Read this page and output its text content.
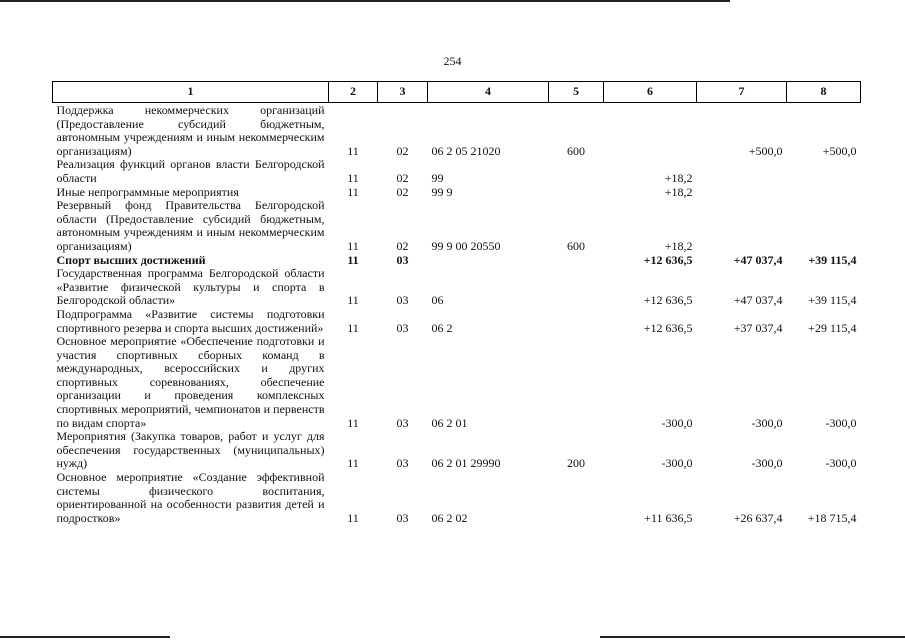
254
1	2	3	4	5	6	7	8
Поддержка некоммерческих организаций (Предоставление субсидий бюджетным, автономным учреждениям и иным некоммерческим организациям)	11	02	06 2 05 21020	600		+500,0	+500,0
Реализация функций органов власти Белгородской области	11	02	99		+18,2		
Иные непрограммные мероприятия	11	02	99 9		+18,2		
Резервный фонд Правительства Белгородской области (Предоставление субсидий бюджетным, автономным учреждениям и иным некоммерческим организациям)	11	02	99 9 00 20550	600	+18,2		
Спорт высших достижений	11	03			+12 636,5	+47 037,4	+39 115,4
Государственная программа Белгородской области «Развитие физической культуры и спорта в Белгородской области»	11	03	06		+12 636,5	+47 037,4	+39 115,4
Подпрограмма «Развитие системы подготовки спортивного резерва и спорта высших достижений»	11	03	06 2		+12 636,5	+37 037,4	+29 115,4
Основное мероприятие «Обеспечение подготовки и участия спортивных сборных команд в международных, всероссийских и других спортивных соревнованиях, обеспечение организации и проведения комплексных спортивных мероприятий, чемпионатов и первенств по видам спорта»	11	03	06 2 01		-300,0	-300,0	-300,0
Мероприятия (Закупка товаров, работ и услуг для обеспечения государственных (муниципальных) нужд)	11	03	06 2 01 29990	200	-300,0	-300,0	-300,0
Основное мероприятие «Создание эффективной системы физического воспитания, ориентированной на особенности развития детей и подростков»	11	03	06 2 02		+11 636,5	+26 637,4	+18 715,4
